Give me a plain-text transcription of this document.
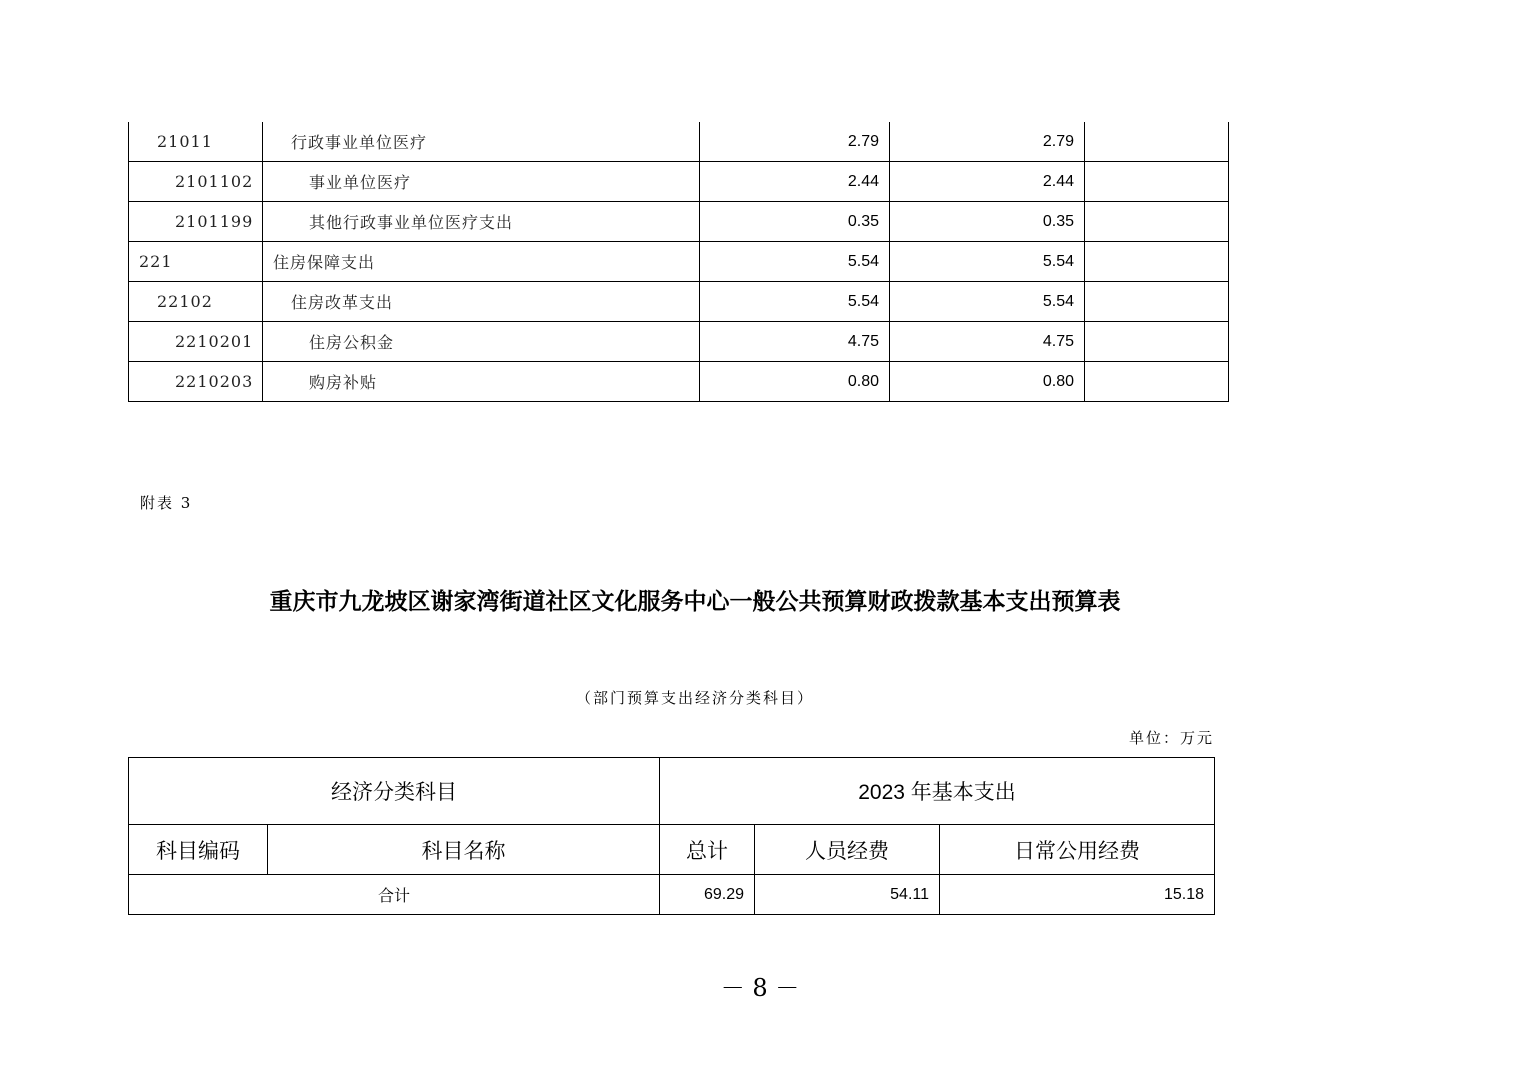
21011	行政事业单位医疗	2.79	2.79	
2101102	事业单位医疗	2.44	2.44	
2101199	其他行政事业单位医疗支出	0.35	0.35	
221	住房保障支出	5.54	5.54	
22102	住房改革支出	5.54	5.54	
2210201	住房公积金	4.75	4.75	
2210203	购房补贴	0.80	0.80	
附表 3
重庆市九龙坡区谢家湾街道社区文化服务中心一般公共预算财政拨款基本支出预算表
（部门预算支出经济分类科目）
单位：万元
经济分类科目		2023 年基本支出		
科目编码	科目名称	总计	人员经费	日常公用经费
合计		69.29	54.11	15.18
－ 8 －
